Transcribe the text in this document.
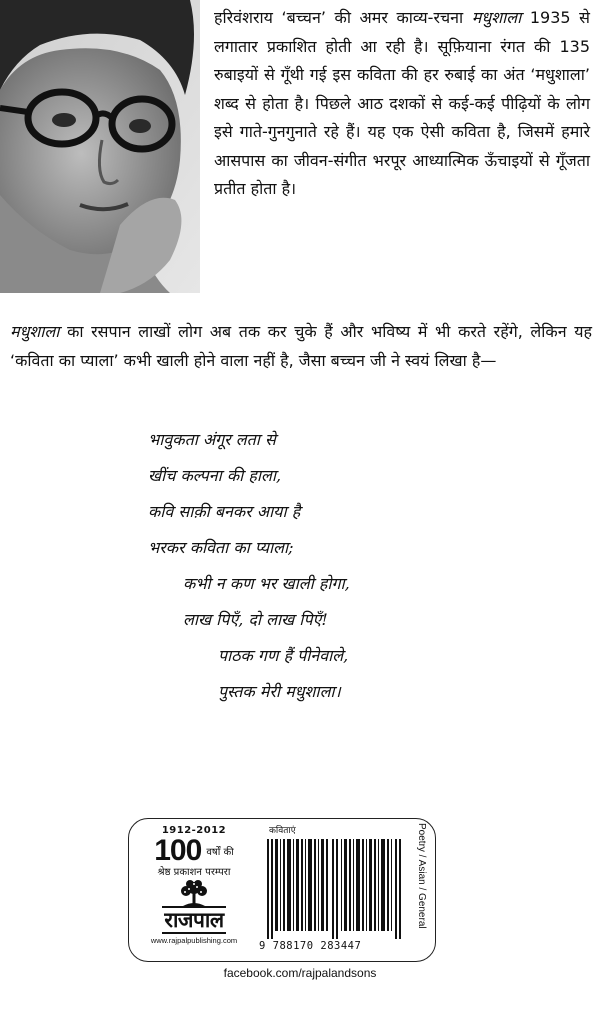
हरिवंशराय ‘बच्चन’ की अमर काव्य-रचना मधुशाला 1935 से लगातार प्रकाशित होती आ रही है। सूफ़ियाना रंगत की 135 रुबाइयों से गूँथी गई इस कविता की हर रुबाई का अंत ‘मधुशाला’ शब्द से होता है। पिछले आठ दशकों से कई-कई पीढ़ियों के लोग इसे गाते-गुनगुनाते रहे हैं। यह एक ऐसी कविता है, जिसमें हमारे आसपास का जीवन-संगीत भरपूर आध्यात्मिक ऊँचाइयों से गूँजता प्रतीत होता है।

मधुशाला का रसपान लाखों लोग अब तक कर चुके हैं और भविष्य में भी करते रहेंगे, लेकिन यह ‘कविता का प्याला’ कभी खाली होने वाला नहीं है, जैसा बच्चन जी ने स्वयं लिखा है—

भावुकता अंगूर लता से
खींच कल्पना की हाला,
कवि साक़ी बनकर आया है
भरकर कविता का प्याला;
कभी न कण भर खाली होगा,
लाख पिएँ, दो लाख पिएँ!
पाठक गण हैं पीनेवाले,
पुस्तक मेरी मधुशाला।
1912-2012
100 वर्षों की
श्रेष्ठ प्रकाशन परम्परा
राजपाल
www.rajpalpublishing.com
कविताएं
9 788170 283447
Poetry / Asian / General
facebook.com/rajpalandsons
